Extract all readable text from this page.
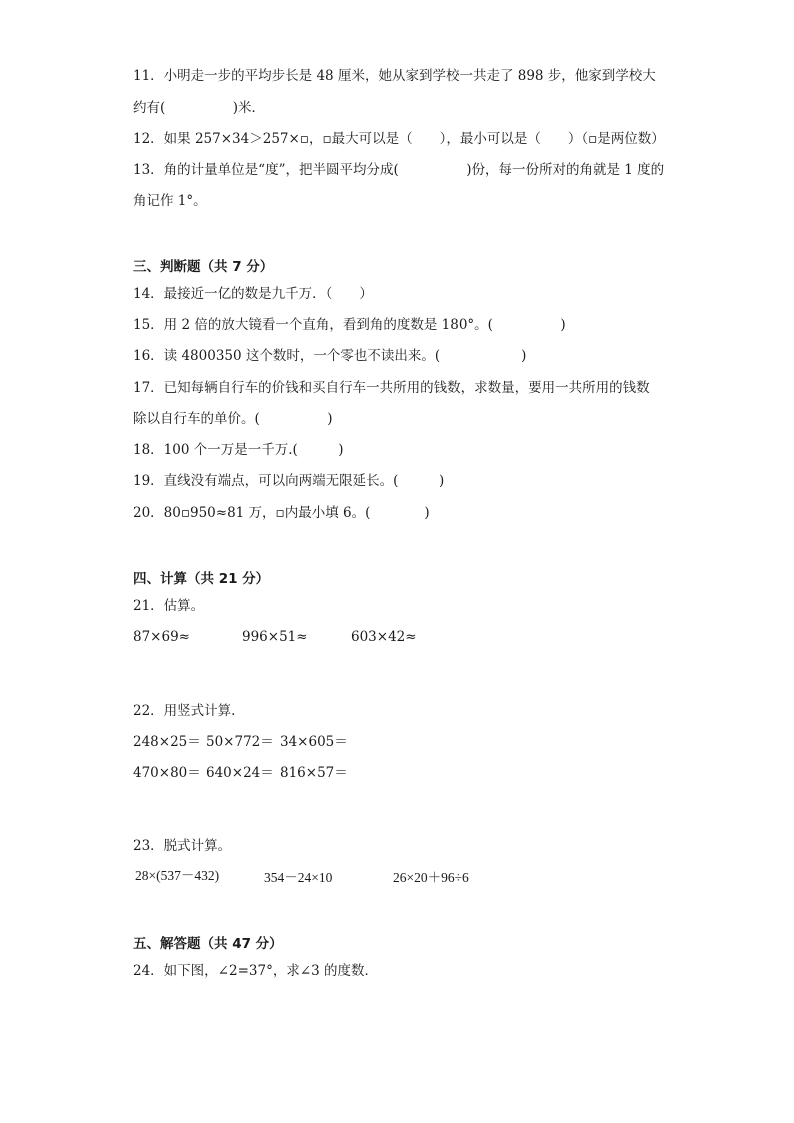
11．小明走一步的平均步长是 48 厘米，她从家到学校一共走了 898 步，他家到学校大
约有(　　　　　)米．
12．如果 257×34＞257×▫，▫最大可以是（　　），最小可以是（　　）（▫是两位数）
13．角的计量单位是“度”，把半圆平均分成(　　　　　)份，每一份所对的角就是 1 度的
角记作 1°。
三、判断题（共 7 分）
14．最接近一亿的数是九千万．（　　）
15．用 2 倍的放大镜看一个直角，看到角的度数是 180°。(　　　　　)
16．读 4800350 这个数时，一个零也不读出来。(　　　　　　)
17．已知每辆自行车的价钱和买自行车一共所用的钱数，求数量，要用一共所用的钱数
除以自行车的单价。(　　　　　)
18．100 个一万是一千万.(　　　)
19．直线没有端点，可以向两端无限延长。(　　　)
20．80▫950≈81 万，▫内最小填 6。(　　　　)
四、计算（共 21 分）
21．估算。
87×69≈	996×51≈	603×42≈
22．用竖式计算.
248×25＝ 50×772＝ 34×605＝
470×80＝ 640×24＝ 816×57＝
23．脱式计算。
28×(537－432)	354－24×10	26×20＋96÷6
五、解答题（共 47 分）
24．如下图，∠2=37°，求∠3 的度数．
